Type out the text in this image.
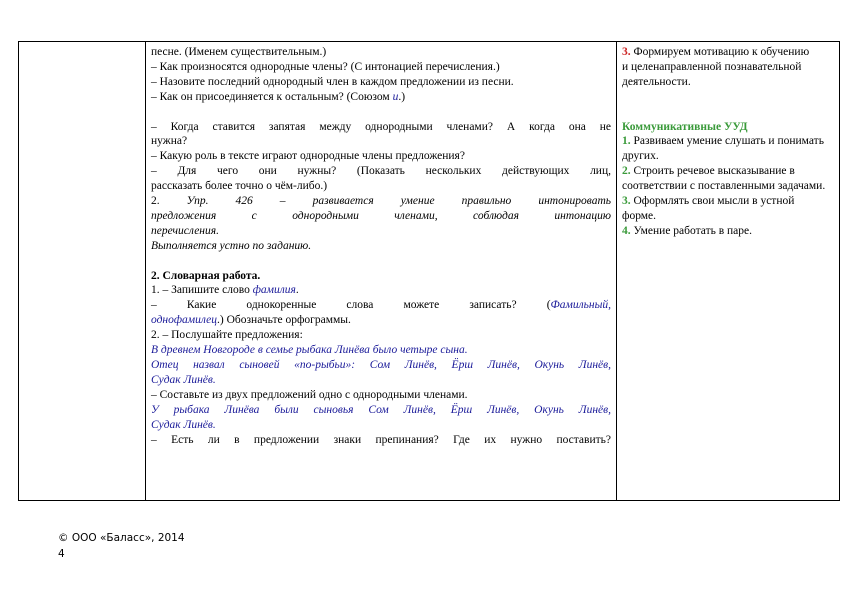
песне. (Именем существительным.)

– Как произносятся однородные члены? (С интонацией перечисления.)

– Назовите последний однородный член в каждом предложении из песни.

– Как он присоединяется к остальным? (Союзом и.)

– Когда ставится запятая между однородными членами? А когда она не

нужна?

– Какую роль в тексте играют однородные члены предложения?

– Для чего они нужны? (Показать нескольких действующих лиц,

рассказать более точно о чём-либо.)

2. Упр. 426 – развивается умение правильно интонировать

предложения с однородными членами, соблюдая интонацию

перечисления.

Выполняется устно по заданию.

2. Словарная работа.

1. – Запишите слово фамилия.

– Какие однокоренные слова можете записать? (Фамильный,

однофамилец.) Обозначьте орфограммы.

2. – Послушайте предложения:

В древнем Новгороде в семье рыбака Линёва было четыре сына.

Отец назвал сыновей «по-рыбьи»: Сом Линёв, Ёрш Линёв, Окунь Линёв,

Судак Линёв.

– Составьте из двух предложений одно с однородными членами.

У рыбака Линёва были сыновья Сом Линёв, Ёрш Линёв, Окунь Линёв,

Судак Линёв.

– Есть ли в предложении знаки препинания? Где их нужно поставить?

3. Формируем мотивацию к обучению

и целенаправленной познавательной

деятельности.

Коммуникативные УУД

1. Развиваем умение слушать и понимать

других.

2. Строить речевое высказывание в

соответствии с поставленными задачами.

3. Оформлять свои мысли в устной

форме.

4. Умение работать в паре.

© ООО «Баласс», 2014
4
